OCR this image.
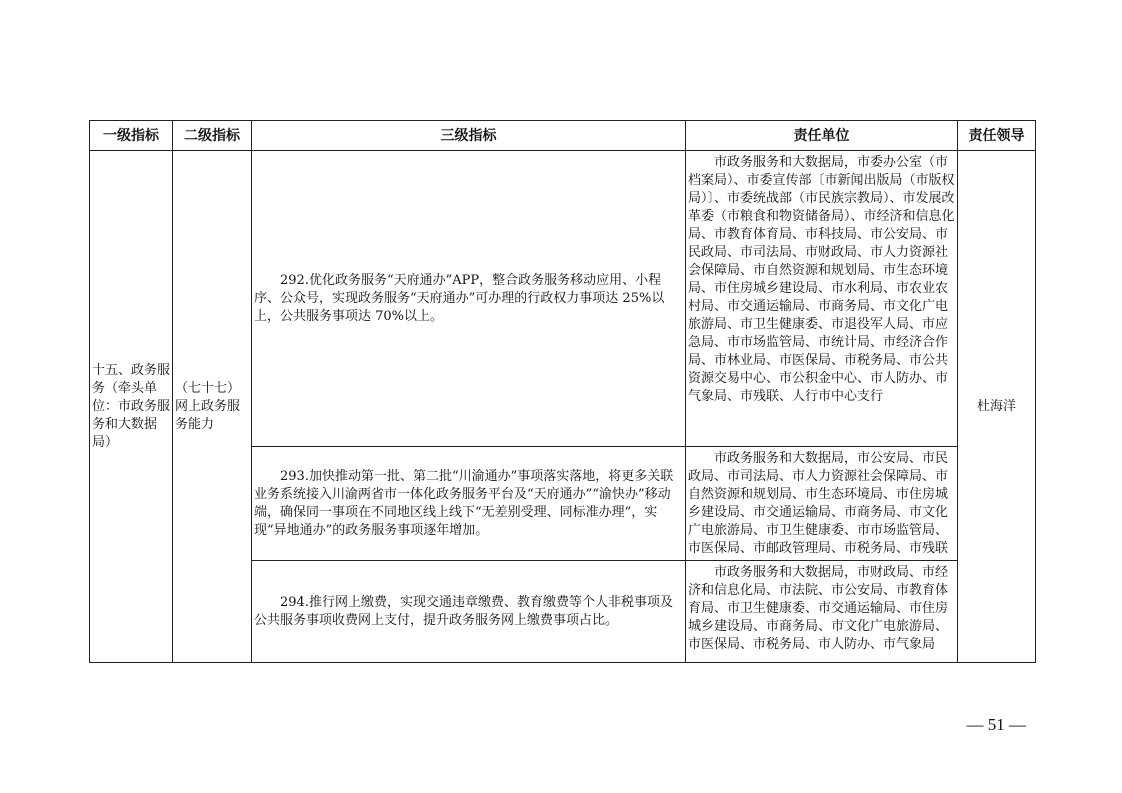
一级指标	二级指标	三级指标	责任单位	责任领导
十五、政务服务（牵头单位：市政务服务和大数据局）	（七十七）网上政务服务能力	292.优化政务服务“天府通办”APP，整合政务服务移动应用、小程序、公众号，实现政务服务“天府通办”可办理的行政权力事项达 25%以上，公共服务事项达 70%以上。	市政务服务和大数据局，市委办公室（市档案局）、市委宣传部〔市新闻出版局（市版权局）〕、市委统战部（市民族宗教局）、市发展改革委（市粮食和物资储备局）、市经济和信息化局、市教育体育局、市科技局、市公安局、市民政局、市司法局、市财政局、市人力资源社会保障局、市自然资源和规划局、市生态环境局、市住房城乡建设局、市水利局、市农业农村局、市交通运输局、市商务局、市文化广电旅游局、市卫生健康委、市退役军人局、市应急局、市市场监管局、市统计局、市经济合作局、市林业局、市医保局、市税务局、市公共资源交易中心、市公积金中心、市人防办、市气象局、市残联、人行市中心支行	杜海洋
		293.加快推动第一批、第二批“川渝通办”事项落实落地，将更多关联业务系统接入川渝两省市一体化政务服务平台及“天府通办”“渝快办”移动端，确保同一事项在不同地区线上线下“无差别受理、同标准办理”，实现“异地通办”的政务服务事项逐年增加。	市政务服务和大数据局，市公安局、市民政局、市司法局、市人力资源社会保障局、市自然资源和规划局、市生态环境局、市住房城乡建设局、市交通运输局、市商务局、市文化广电旅游局、市卫生健康委、市市场监管局、市医保局、市邮政管理局、市税务局、市残联	
		294.推行网上缴费，实现交通违章缴费、教育缴费等个人非税事项及公共服务事项收费网上支付，提升政务服务网上缴费事项占比。	市政务服务和大数据局，市财政局、市经济和信息化局、市法院、市公安局、市教育体育局、市卫生健康委、市交通运输局、市住房城乡建设局、市商务局、市文化广电旅游局、市医保局、市税务局、市人防办、市气象局	
— 51 —
